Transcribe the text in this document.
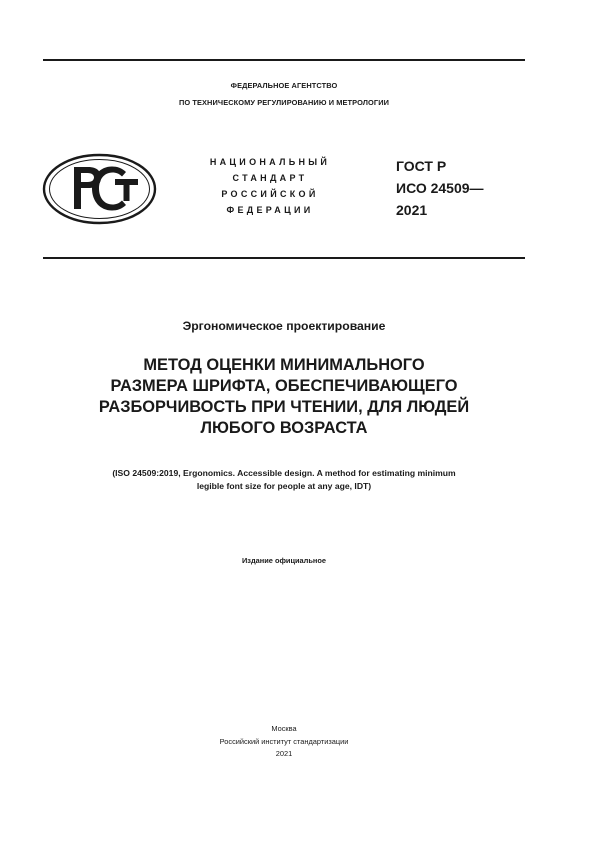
ФЕДЕРАЛЬНОЕ АГЕНТСТВО
ПО ТЕХНИЧЕСКОМУ РЕГУЛИРОВАНИЮ И МЕТРОЛОГИИ
НАЦИОНАЛЬНЫЙ
СТАНДАРТ
РОССИЙСКОЙ
ФЕДЕРАЦИИ
ГОСТ Р
ИСО 24509—
2021
Эргономическое проектирование
МЕТОД ОЦЕНКИ МИНИМАЛЬНОГО
РАЗМЕРА ШРИФТА, ОБЕСПЕЧИВАЮЩЕГО
РАЗБОРЧИВОСТЬ ПРИ ЧТЕНИИ, ДЛЯ ЛЮДЕЙ
ЛЮБОГО ВОЗРАСТА
(ISO 24509:2019, Ergonomics. Accessible design. A method for estimating minimum
legible font size for people at any age, IDT)
Издание официальное
Москва
Российский институт стандартизации
2021
